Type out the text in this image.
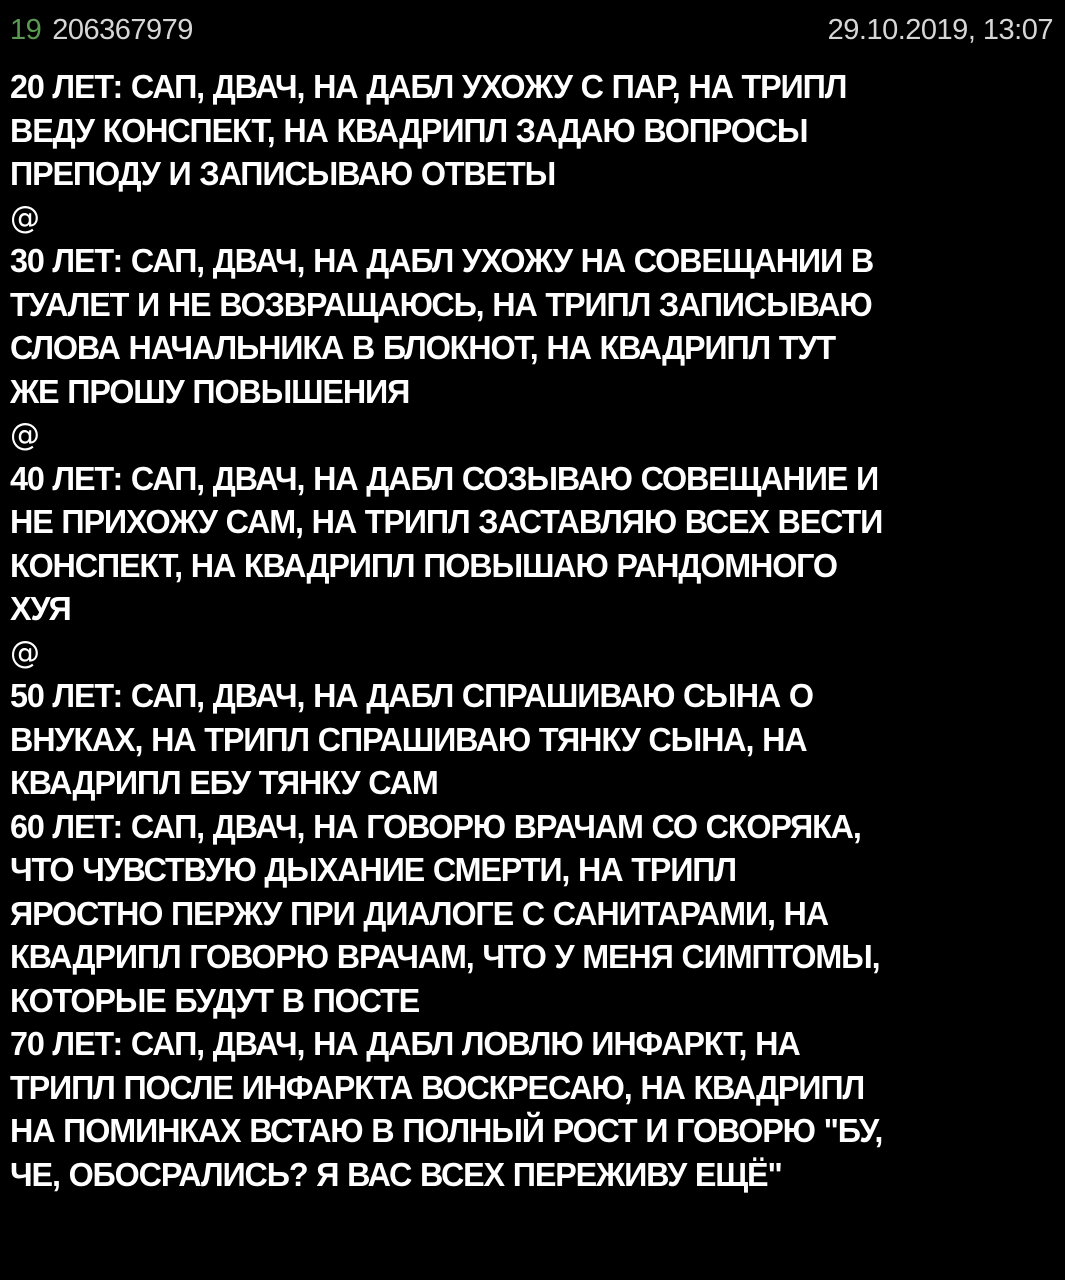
19 206367979	29.10.2019, 13:07
20 ЛЕТ: САП, ДВАЧ, НА ДАБЛ УХОЖУ С ПАР, НА ТРИПЛ
ВЕДУ КОНСПЕКТ, НА КВАДРИПЛ ЗАДАЮ ВОПРОСЫ
ПРЕПОДУ И ЗАПИСЫВАЮ ОТВЕТЫ
@
30 ЛЕТ: САП, ДВАЧ, НА ДАБЛ УХОЖУ НА СОВЕЩАНИИ В
ТУАЛЕТ И НЕ ВОЗВРАЩАЮСЬ, НА ТРИПЛ ЗАПИСЫВАЮ
СЛОВА НАЧАЛЬНИКА В БЛОКНОТ, НА КВАДРИПЛ ТУТ
ЖЕ ПРОШУ ПОВЫШЕНИЯ
@
40 ЛЕТ: САП, ДВАЧ, НА ДАБЛ СОЗЫВАЮ СОВЕЩАНИЕ И
НЕ ПРИХОЖУ САМ, НА ТРИПЛ ЗАСТАВЛЯЮ ВСЕХ ВЕСТИ
КОНСПЕКТ, НА КВАДРИПЛ ПОВЫШАЮ РАНДОМНОГО
ХУЯ
@
50 ЛЕТ: САП, ДВАЧ, НА ДАБЛ СПРАШИВАЮ СЫНА О
ВНУКАХ, НА ТРИПЛ СПРАШИВАЮ ТЯНКУ СЫНА, НА
КВАДРИПЛ ЕБУ ТЯНКУ САМ
60 ЛЕТ: САП, ДВАЧ, НА ГОВОРЮ ВРАЧАМ СО СКОРЯКА,
ЧТО ЧУВСТВУЮ ДЫХАНИЕ СМЕРТИ, НА ТРИПЛ
ЯРОСТНО ПЕРЖУ ПРИ ДИАЛОГЕ С САНИТАРАМИ, НА
КВАДРИПЛ ГОВОРЮ ВРАЧАМ, ЧТО У МЕНЯ СИМПТОМЫ,
КОТОРЫЕ БУДУТ В ПОСТЕ
70 ЛЕТ: САП, ДВАЧ, НА ДАБЛ ЛОВЛЮ ИНФАРКТ, НА
ТРИПЛ ПОСЛЕ ИНФАРКТА ВОСКРЕСАЮ, НА КВАДРИПЛ
НА ПОМИНКАХ ВСТАЮ В ПОЛНЫЙ РОСТ И ГОВОРЮ "БУ,
ЧЕ, ОБОСРАЛИСЬ? Я ВАС ВСЕХ ПЕРЕЖИВУ ЕЩЁ"
